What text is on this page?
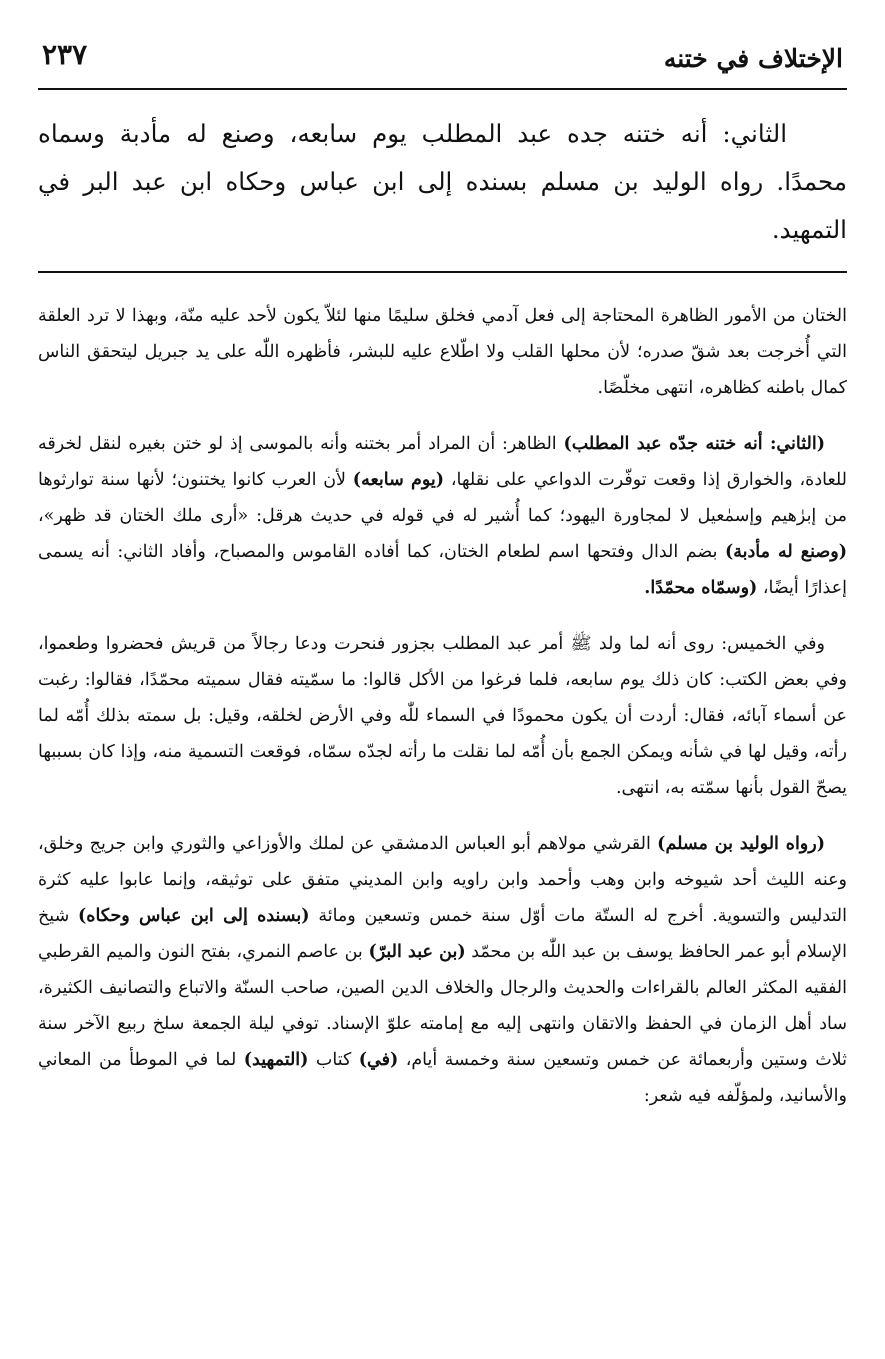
الإختلاف في ختنه
٢٣٧
الثاني: أنه ختنه جده عبد المطلب يوم سابعه، وصنع له مأدبة وسماه محمدًا. رواه الوليد بن مسلم بسنده إلى ابن عباس وحكاه ابن عبد البر في التمهيد.

الختان من الأمور الظاهرة المحتاجة إلى فعل آدمي فخلق سليمًا منها لئلاّ يكون لأحد عليه منّة، وبهذا لا ترد العلقة التي أُخرجت بعد شقّ صدره؛ لأن محلها القلب ولا اطّلاع عليه للبشر، فأظهره اللّٰه على يد جبريل ليتحقق الناس كمال باطنه كظاهره، انتهى مخلّصًا.

(الثاني: أنه ختنه جدّه عبد المطلب) الظاهر: أن المراد أمر بختنه وأنه بالموسى إذ لو ختن بغيره لنقل لخرقه للعادة، والخوارق إذا وقعت توفّرت الدواعي على نقلها، (يوم سابعه) لأن العرب كانوا يختنون؛ لأنها سنة توارثوها من إبرٰهيم وإسمٰعيل لا لمجاورة اليهود؛ كما أُشير له في قوله في حديث هرقل: «أرى ملك الختان قد ظهر»، (وصنع له مأدبة) بضم الدال وفتحها اسم لطعام الختان، كما أفاده القاموس والمصباح، وأفاد الثاني: أنه يسمى إعذارًا أيضًا، (وسمّاه محمّدًا.

وفي الخميس: روى أنه لما ولد ﷺ أمر عبد المطلب بجزور فنحرت ودعا رجالاً من قريش فحضروا وطعموا، وفي بعض الكتب: كان ذلك يوم سابعه، فلما فرغوا من الأكل قالوا: ما سمّيته فقال سميته محمّدًا، فقالوا: رغبت عن أسماء آبائه، فقال: أردت أن يكون محمودًا في السماء للّٰه وفي الأرض لخلقه، وقيل: بل سمته بذلك أُمّه لما رأته، وقيل لها في شأنه ويمكن الجمع بأن أُمّه لما نقلت ما رأته لجدّه سمّاه، فوقعت التسمية منه، وإذا كان بسببها يصحّ القول بأنها سمّته به، انتهى.

(رواه الوليد بن مسلم) القرشي مولاهم أبو العباس الدمشقي عن لملك والأوزاعي والثوري وابن جريج وخلق، وعنه الليث أحد شيوخه وابن وهب وأحمد وابن راويه وابن المديني متفق على توثيقه، وإنما عابوا عليه كثرة التدليس والتسوية. أخرج له الستّة مات أوّل سنة خمس وتسعين ومائة (بسنده إلى ابن عباس وحكاه) شيخ الإسلام أبو عمر الحافظ يوسف بن عبد اللّٰه بن محمّد (بن عبد البرّ) بن عاصم النمري، بفتح النون والميم القرطبي الفقيه المكثر العالم بالقراءات والحديث والرجال والخلاف الدين الصين، صاحب السنّة والاتباع والتصانيف الكثيرة، ساد أهل الزمان في الحفظ والاتقان وانتهى إليه مع إمامته علوّ الإسناد. توفي ليلة الجمعة سلخ ربيع الآخر سنة ثلاث وستين وأربعمائة عن خمس وتسعين سنة وخمسة أيام، (في) كتاب (التمهيد) لما في الموطأ من المعاني والأسانيد، ولمؤلّفه فيه شعر:
